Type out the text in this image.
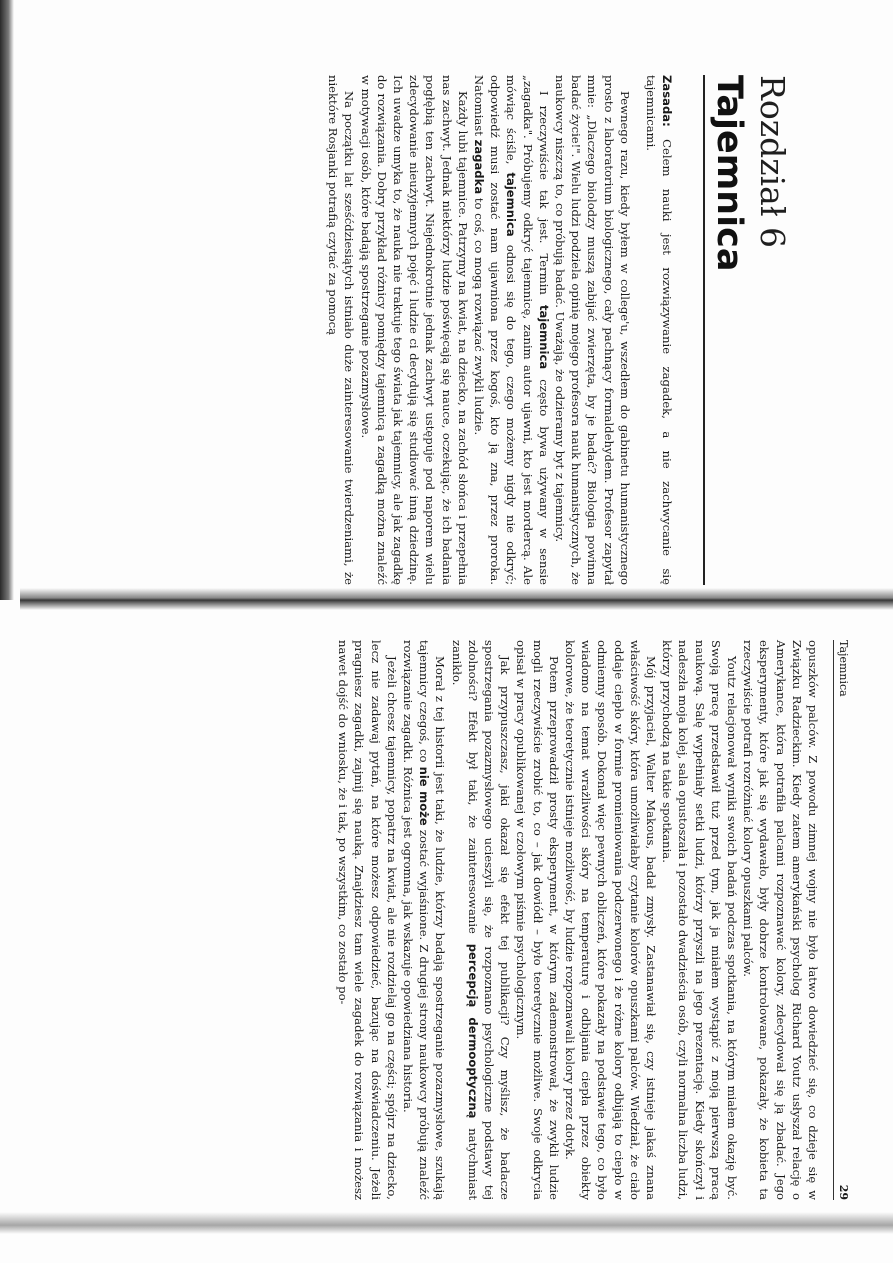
Rozdział 6
Tajemnica

Zasada: Celem nauki jest rozwiązywanie zagadek, a nie zachwycanie się tajemnicami.

Pewnego razu, kiedy byłem w college'u, wszedłem do gabinetu humanistycznego prosto z laboratorium biologicznego, cały pachnący formaldehydem. Profesor zapytał mnie: „Dlaczego biolodzy muszą zabijać zwierzęta, by je badać? Biologia powinna badać życie!". Wielu ludzi podziela opinię mojego profesora nauk humanistycznych, że naukowcy niszczą to, co próbują badać. Uważają, że odzieramy byt z tajemnicy.

I rzeczywiście tak jest. Termin tajemnica często bywa używany w sensie „zagadka". Próbujemy odkryć tajemnicę, zanim autor ujawni, kto jest mordercą. Ale mówiąc ściśle, tajemnica odnosi się do tego, czego możemy nigdy nie odkryć; odpowiedź musi zostać nam ujawniona przez kogoś, kto ją zna, przez proroka. Natomiast zagadka to coś, co mogą rozwiązać zwykli ludzie.

Każdy lubi tajemnice. Patrzymy na kwiat, na dziecko, na zachód słońca i przepełnia nas zachwyt. Jednak niektórzy ludzie poświęcają się nauce, oczekując, że ich badania pogłębią ten zachwyt. Niejednokrotnie jednak zachwyt ustępuje pod naporem wielu zdecydowanie nieużyjemnych pojęć i ludzie ci decydują się studiować inną dziedzinę. Ich uwadze umyka to, że nauka nie traktuje tego świata jak tajemnicy, ale jak zagadkę do rozwiązania. Dobry przykład różnicy pomiędzy tajemnicą a zagadką można znaleźć w motywacji osób, które badają spostrzeganie pozazmysłowe.

Na początku lat sześćdziesiątych istniało duże zainteresowanie twierdzeniami, że niektóre Rosjanki potrafią czytać za pomocą

Tajemnica
29

opuszków palców. Z powodu zimnej wojny nie było łatwo dowiedzieć się, co dzieje się w Związku Radzieckim. Kiedy zatem amerykański psycholog Richard Youtz usłyszał relację o Amerykance, która potrafiła palcami rozpoznawać kolory, zdecydował się ją zbadać. Jego eksperymenty, które jak się wydawało, były dobrze kontrolowane, pokazały, że kobieta ta rzeczywiście potrafi rozróżniać kolory opuszkami palców.

Youtz relacjonował wyniki swoich badań podczas spotkania, na którym miałem okazję być. Swoją pracę przedstawił tuż przed tym, jak ja miałem wystąpić z moją pierwszą pracą naukową. Salę wypełniały setki ludzi, którzy przyszli na jego prezentację. Kiedy skończył i nadeszła moja kolej, sala opustoszała i pozostało dwadzieścia osób, czyli normalna liczba ludzi, którzy przychodzą na takie spotkania.

Mój przyjaciel, Walter Makous, badał zmysły. Zastanawiał się, czy istnieje jakaś znana właściwość skóry, która umożliwiałaby czytanie kolorów opuszkami palców. Wiedział, że ciało oddaje ciepło w formie promieniowania podczerwonego i że różne kolory odbijają to ciepło w odmienny sposób. Dokonał więc pewnych obliczeń, które pokazały na podstawie tego, co było wiadomo na temat wrażliwości skóry na temperaturę i odbijania ciepła przez obiekty kolorowe, że teoretycznie istnieje możliwość, by ludzie rozpoznawali kolory przez dotyk.

Potem przeprowadził prosty eksperyment, w którym zademonstrował, że zwykli ludzie mogli rzeczywiście zrobić to, co – jak dowiódł – było teoretycznie możliwe. Swoje odkrycia opisał w pracy opublikowanej w czołowym piśmie psychologicznym.

Jak przypuszczasz, jaki okazał się efekt tej publikacji? Czy myślisz, że badacze spostrzegania pozazmysłowego ucieszyli się, że rozpoznano psychologiczne podstawy tej zdolności? Efekt był taki, że zainteresowanie percepcją dermooptyczną natychmiast zanikło.

Morał z tej historii jest taki, że ludzie, którzy badają spostrzeganie pozazmysłowe, szukają tajemnicy czegoś, co nie może zostać wyjaśnione. Z drugiej strony naukowcy próbują znaleźć rozwiązanie zagadki. Różnica jest ogromna, jak wskazuje opowiedziana historia.

Jeżeli chcesz tajemnicy, popatrz na kwiat, ale nie rozdzielaj go na części; spójrz na dziecko, lecz nie zadawaj pytań, na które możesz odpowiedzieć, bazując na doświadczeniu. Jeżeli pragniesz zagadki, zajmij się nauką. Znajdziesz tam wiele zagadek do rozwiązania i możesz nawet dojść do wniosku, że i tak, po wszystkim, co zostało po-
